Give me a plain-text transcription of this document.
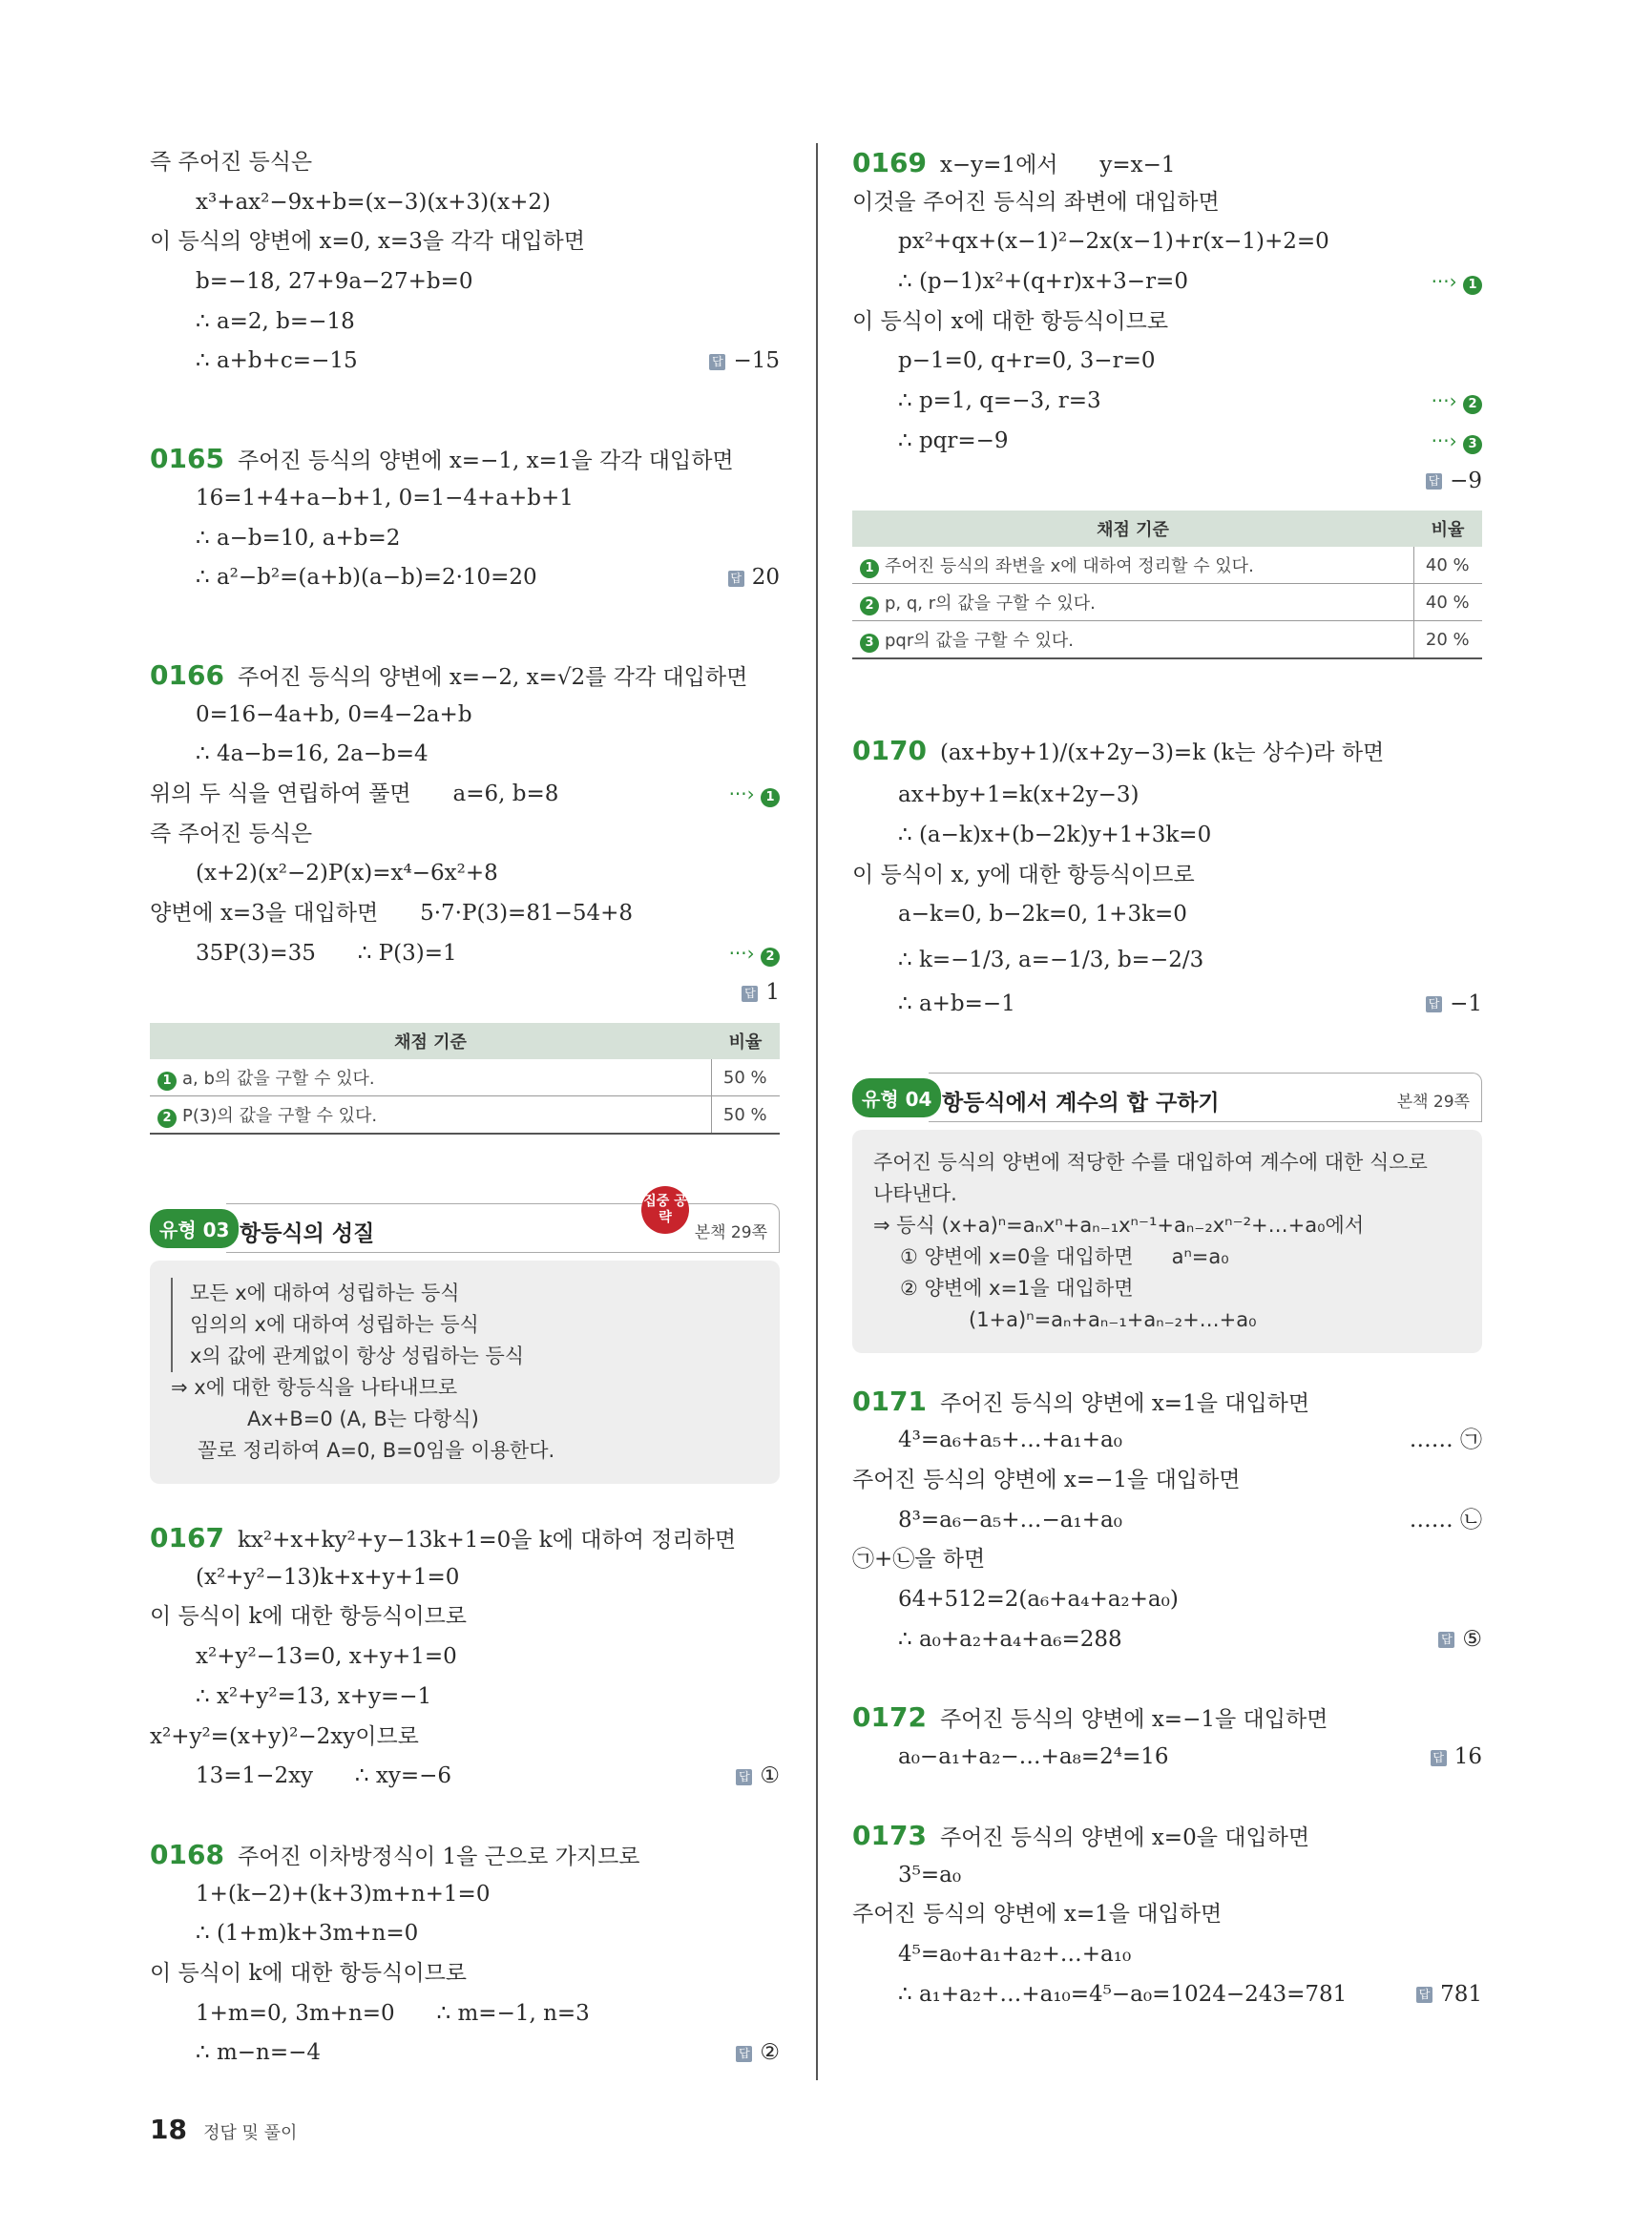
즉 주어진 등식은
x³+ax²−9x+b=(x−3)(x+3)(x+2)
이 등식의 양변에 x=0, x=3을 각각 대입하면
b=−18, 27+9a−27+b=0
∴ a=2, b=−18
∴ a+b+c=−15	답 −15
0165 주어진 등식의 양변에 x=−1, x=1을 각각 대입하면
16=1+4+a−b+1, 0=1−4+a+b+1
∴ a−b=10, a+b=2
∴ a²−b²=(a+b)(a−b)=2·10=20	답 20
0166 주어진 등식의 양변에 x=−2, x=√2를 각각 대입하면
0=16−4a+b, 0=4−2a+b
∴ 4a−b=16, 2a−b=4
위의 두 식을 연립하여 풀면      a=6, b=8	···› 1
즉 주어진 등식은
(x+2)(x²−2)P(x)=x⁴−6x²+8
양변에 x=3을 대입하면      5·7·P(3)=81−54+8
35P(3)=35      ∴ P(3)=1	···› 2
답 1
채점 기준	비율
1 a, b의 값을 구할 수 있다.	50 %
2 P(3)의 값을 구할 수 있다.	50 %
유형 03 항등식의 성질	본책 29쪽
집중 공략
모든 x에 대하여 성립하는 등식
임의의 x에 대하여 성립하는 등식
x의 값에 관계없이 항상 성립하는 등식
⇒ x에 대한 항등식을 나타내므로
Ax+B=0 (A, B는 다항식)
꼴로 정리하여 A=0, B=0임을 이용한다.
0167 kx²+x+ky²+y−13k+1=0을 k에 대하여 정리하면
(x²+y²−13)k+x+y+1=0
이 등식이 k에 대한 항등식이므로
x²+y²−13=0, x+y+1=0
∴ x²+y²=13, x+y=−1
x²+y²=(x+y)²−2xy이므로
13=1−2xy      ∴ xy=−6	답 ①
0168 주어진 이차방정식이 1을 근으로 가지므로
1+(k−2)+(k+3)m+n+1=0
∴ (1+m)k+3m+n=0
이 등식이 k에 대한 항등식이므로
1+m=0, 3m+n=0      ∴ m=−1, n=3
∴ m−n=−4	답 ②
0169 x−y=1에서      y=x−1
이것을 주어진 등식의 좌변에 대입하면
px²+qx+(x−1)²−2x(x−1)+r(x−1)+2=0
∴ (p−1)x²+(q+r)x+3−r=0	···› 1
이 등식이 x에 대한 항등식이므로
p−1=0, q+r=0, 3−r=0
∴ p=1, q=−3, r=3	···› 2
∴ pqr=−9	···› 3
답 −9
채점 기준	비율
1 주어진 등식의 좌변을 x에 대하여 정리할 수 있다.	40 %
2 p, q, r의 값을 구할 수 있다.	40 %
3 pqr의 값을 구할 수 있다.	20 %
0170 (ax+by+1)/(x+2y−3)=k (k는 상수)라 하면
ax+by+1=k(x+2y−3)
∴ (a−k)x+(b−2k)y+1+3k=0
이 등식이 x, y에 대한 항등식이므로
a−k=0, b−2k=0, 1+3k=0
∴ k=−1/3, a=−1/3, b=−2/3
∴ a+b=−1	답 −1
유형 04 항등식에서 계수의 합 구하기	본책 29쪽
주어진 등식의 양변에 적당한 수를 대입하여 계수에 대한 식으로
나타낸다.
⇒ 등식 (x+a)ⁿ=aₙxⁿ+aₙ₋₁xⁿ⁻¹+aₙ₋₂xⁿ⁻²+…+a₀에서
① 양변에 x=0을 대입하면      aⁿ=a₀
② 양변에 x=1을 대입하면
(1+a)ⁿ=aₙ+aₙ₋₁+aₙ₋₂+…+a₀
0171 주어진 등식의 양변에 x=1을 대입하면
4³=a₆+a₅+…+a₁+a₀	…… ㉠
주어진 등식의 양변에 x=−1을 대입하면
8³=a₆−a₅+…−a₁+a₀	…… ㉡
㉠+㉡을 하면
64+512=2(a₆+a₄+a₂+a₀)
∴ a₀+a₂+a₄+a₆=288	답 ⑤
0172 주어진 등식의 양변에 x=−1을 대입하면
a₀−a₁+a₂−…+a₈=2⁴=16	답 16
0173 주어진 등식의 양변에 x=0을 대입하면
3⁵=a₀
주어진 등식의 양변에 x=1을 대입하면
4⁵=a₀+a₁+a₂+…+a₁₀
∴ a₁+a₂+…+a₁₀=4⁵−a₀=1024−243=781	답 781
18 정답 및 풀이
